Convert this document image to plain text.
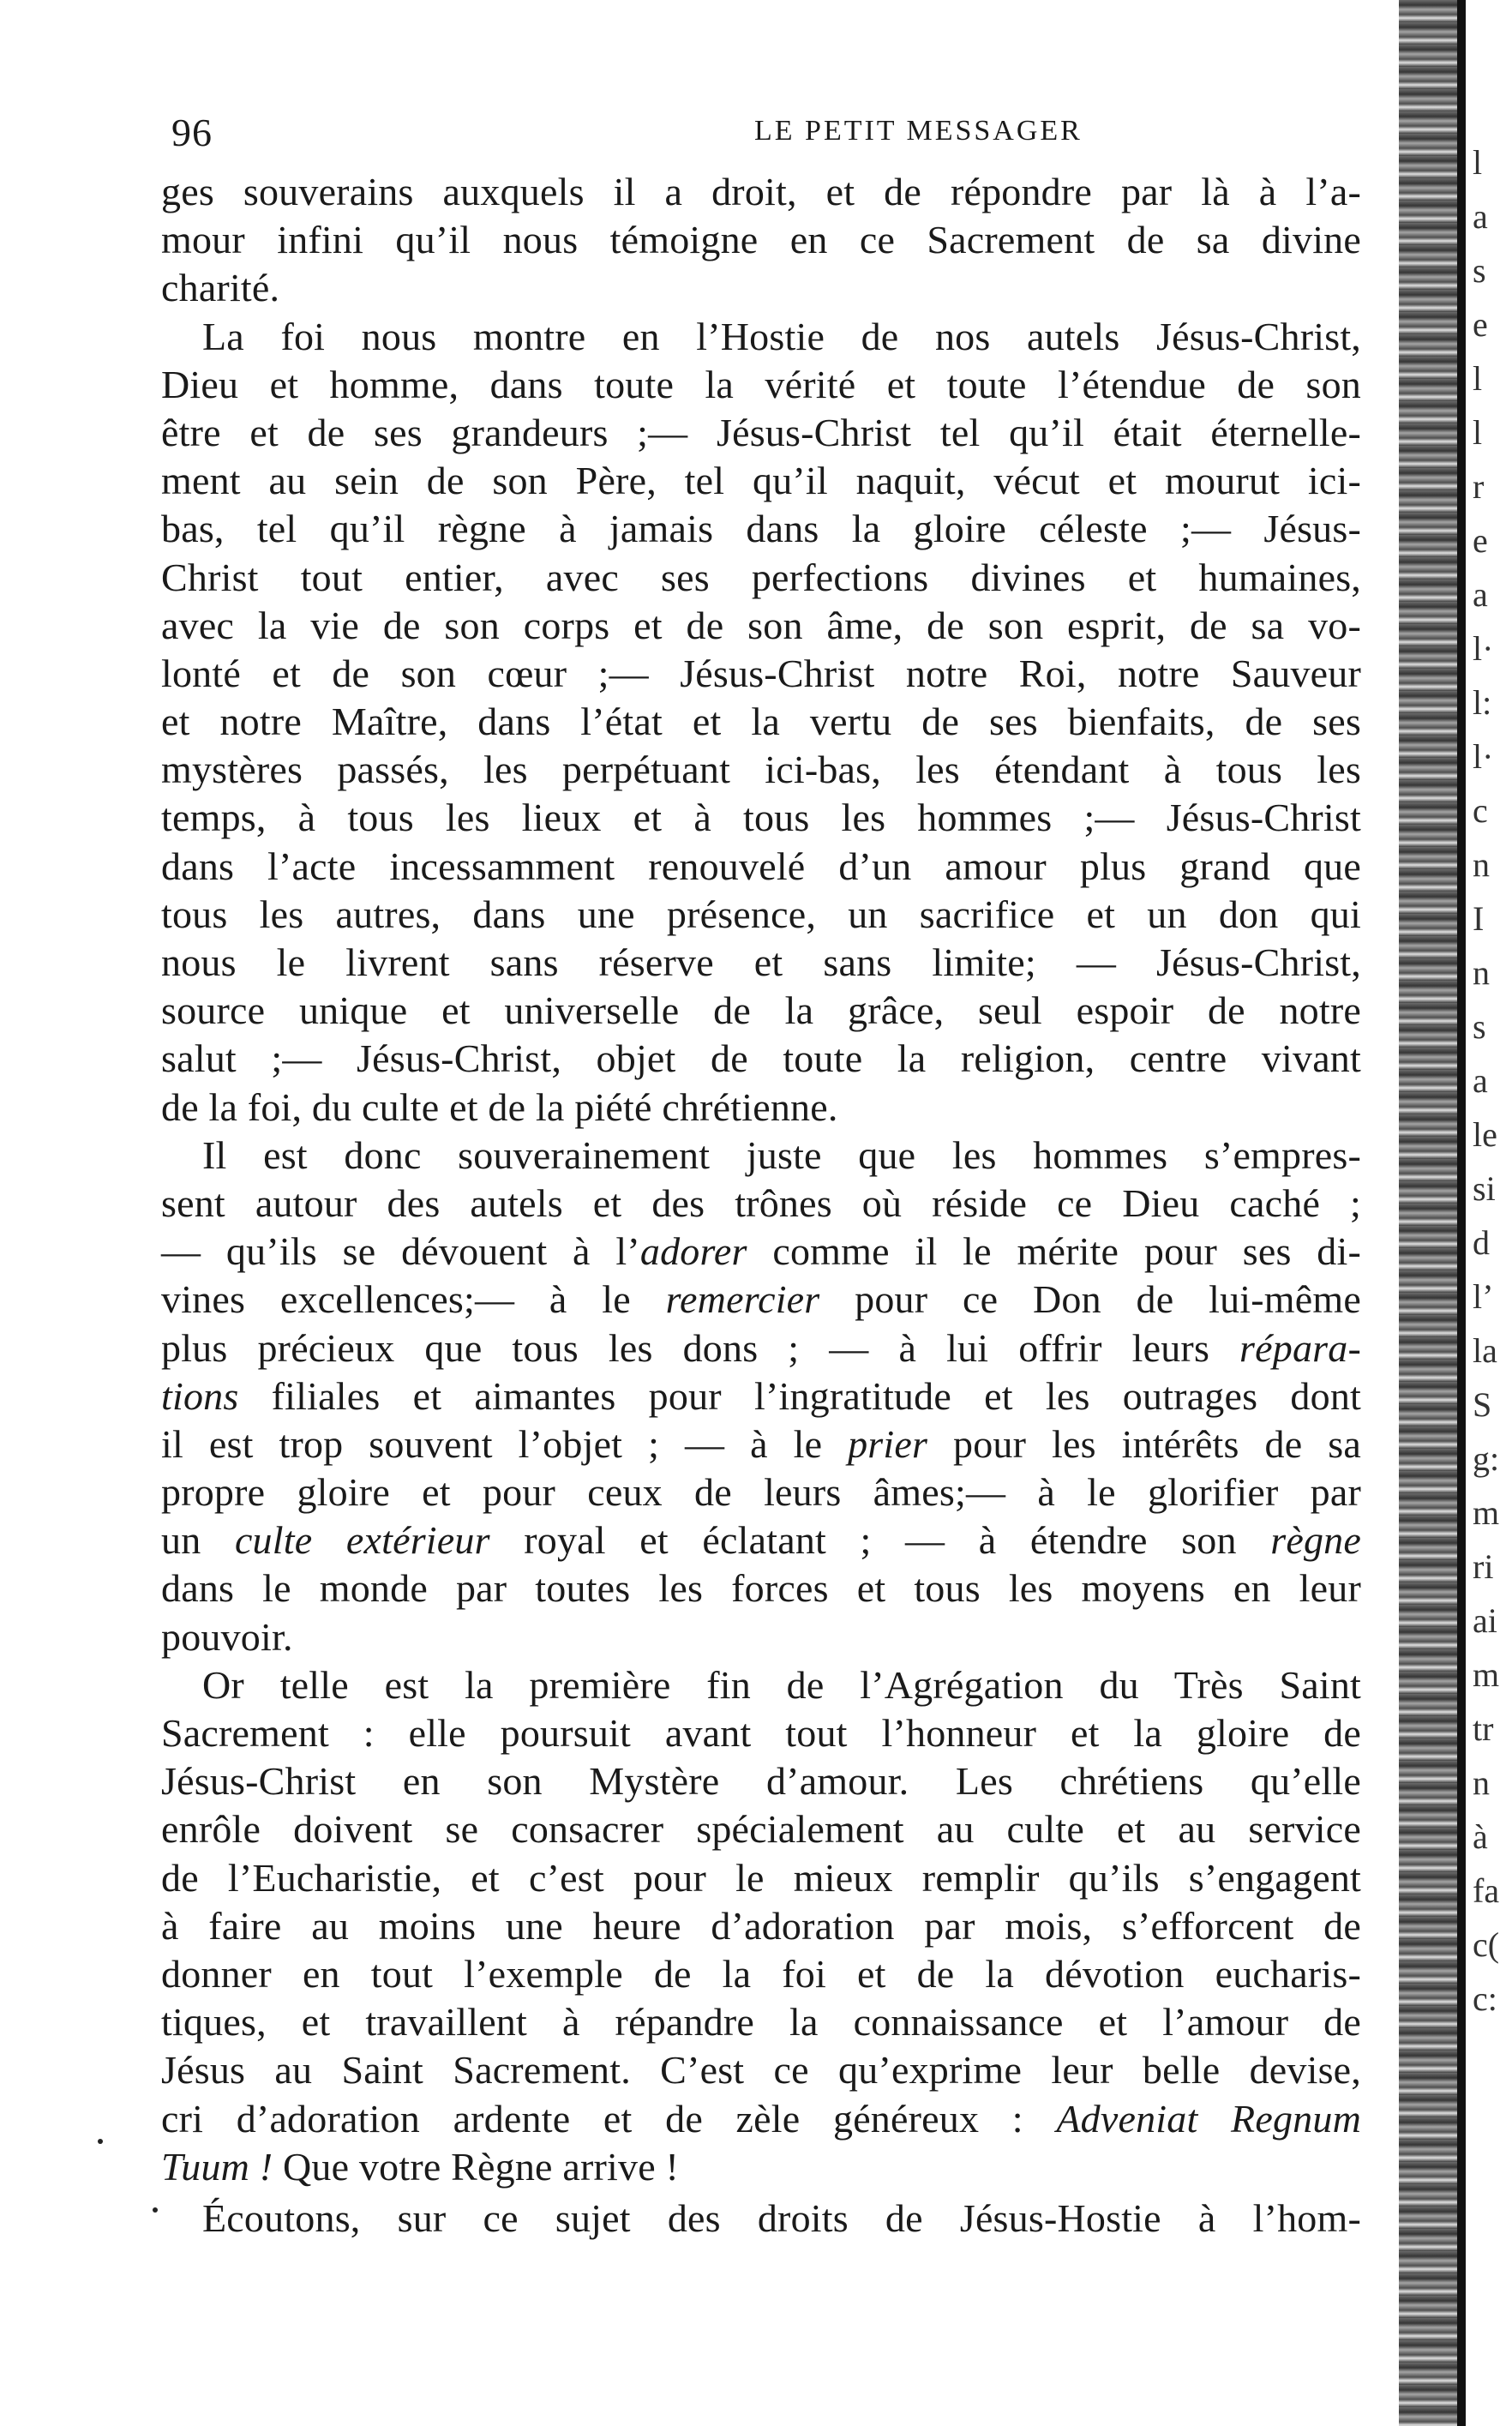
96	LE PETIT MESSAGER
ges souverains auxquels il a droit, et de répondre par là à l’a-
mour infini qu’il nous témoigne en ce Sacrement de sa divine
charité.
La foi nous montre en l’Hostie de nos autels Jésus-Christ,
Dieu et homme, dans toute la vérité et toute l’étendue de son
être et de ses grandeurs ;— Jésus-Christ tel qu’il était éternelle-
ment au sein de son Père, tel qu’il naquit, vécut et mourut ici-
bas, tel qu’il règne à jamais dans la gloire céleste ;— Jésus-
Christ tout entier, avec ses perfections divines et humaines,
avec la vie de son corps et de son âme, de son esprit, de sa vo-
lonté et de son cœur ;— Jésus-Christ notre Roi, notre Sauveur
et notre Maître, dans l’état et la vertu de ses bienfaits, de ses
mystères passés, les perpétuant ici-bas, les étendant à tous les
temps, à tous les lieux et à tous les hommes ;— Jésus-Christ
dans l’acte incessamment renouvelé d’un amour plus grand que
tous les autres, dans une présence, un sacrifice et un don qui
nous le livrent sans réserve et sans limite; — Jésus-Christ,
source unique et universelle de la grâce, seul espoir de notre
salut ;— Jésus-Christ, objet de toute la religion, centre vivant
de la foi, du culte et de la piété chrétienne.
Il est donc souverainement juste que les hommes s’empres-
sent autour des autels et des trônes où réside ce Dieu caché ;
— qu’ils se dévouent à l’adorer comme il le mérite pour ses di-
vines excellences;— à le remercier pour ce Don de lui-même
plus précieux que tous les dons ; — à lui offrir leurs répara-
tions filiales et aimantes pour l’ingratitude et les outrages dont
il est trop souvent l’objet ; — à le prier pour les intérêts de sa
propre gloire et pour ceux de leurs âmes;— à le glorifier par
un culte extérieur royal et éclatant ; — à étendre son règne
dans le monde par toutes les forces et tous les moyens en leur
pouvoir.
Or telle est la première fin de l’Agrégation du Très Saint
Sacrement : elle poursuit avant tout l’honneur et la gloire de
Jésus-Christ en son Mystère d’amour. Les chrétiens qu’elle
enrôle doivent se consacrer spécialement au culte et au service
de l’Eucharistie, et c’est pour le mieux remplir qu’ils s’engagent
à faire au moins une heure d’adoration par mois, s’efforcent de
donner en tout l’exemple de la foi et de la dévotion eucharis-
tiques, et travaillent à répandre la connaissance et l’amour de
Jésus au Saint Sacrement. C’est ce qu’exprime leur belle devise,
cri d’adoration ardente et de zèle généreux : Adveniat Regnum
Tuum ! Que votre Règne arrive !
Écoutons, sur ce sujet des droits de Jésus-Hostie à l’hom-
l
a
s
e
l
l
r
e
a
l·
l:
l·
c
n
I
n
s
a
le
si
d
l’
la
S
g:
m
ri
ai
m
tr
n
à
fa
c(
c:
